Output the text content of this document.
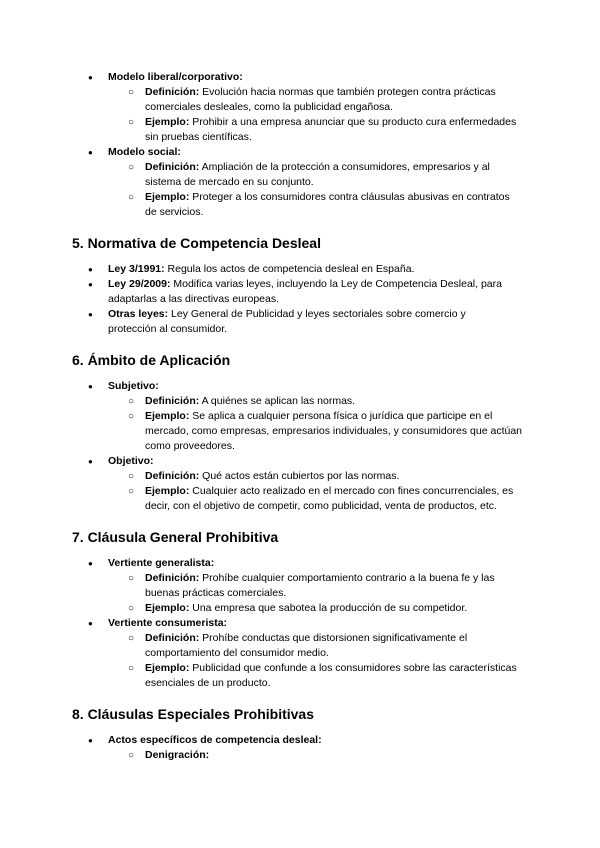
● Modelo liberal/corporativo:
○ Definición: Evolución hacia normas que también protegen contra prácticas comerciales desleales, como la publicidad engañosa.
○ Ejemplo: Prohibir a una empresa anunciar que su producto cura enfermedades sin pruebas científicas.
● Modelo social:
○ Definición: Ampliación de la protección a consumidores, empresarios y al sistema de mercado en su conjunto.
○ Ejemplo: Proteger a los consumidores contra cláusulas abusivas en contratos de servicios.
5. Normativa de Competencia Desleal
● Ley 3/1991: Regula los actos de competencia desleal en España.
● Ley 29/2009: Modifica varias leyes, incluyendo la Ley de Competencia Desleal, para adaptarlas a las directivas europeas.
● Otras leyes: Ley General de Publicidad y leyes sectoriales sobre comercio y protección al consumidor.
6. Ámbito de Aplicación
● Subjetivo:
○ Definición: A quiénes se aplican las normas.
○ Ejemplo: Se aplica a cualquier persona física o jurídica que participe en el mercado, como empresas, empresarios individuales, y consumidores que actúan como proveedores.
● Objetivo:
○ Definición: Qué actos están cubiertos por las normas.
○ Ejemplo: Cualquier acto realizado en el mercado con fines concurrenciales, es decir, con el objetivo de competir, como publicidad, venta de productos, etc.
7. Cláusula General Prohibitiva
● Vertiente generalista:
○ Definición: Prohíbe cualquier comportamiento contrario a la buena fe y las buenas prácticas comerciales.
○ Ejemplo: Una empresa que sabotea la producción de su competidor.
● Vertiente consumerista:
○ Definición: Prohíbe conductas que distorsionen significativamente el comportamiento del consumidor medio.
○ Ejemplo: Publicidad que confunde a los consumidores sobre las características esenciales de un producto.
8. Cláusulas Especiales Prohibitivas
● Actos específicos de competencia desleal:
○ Denigración:
